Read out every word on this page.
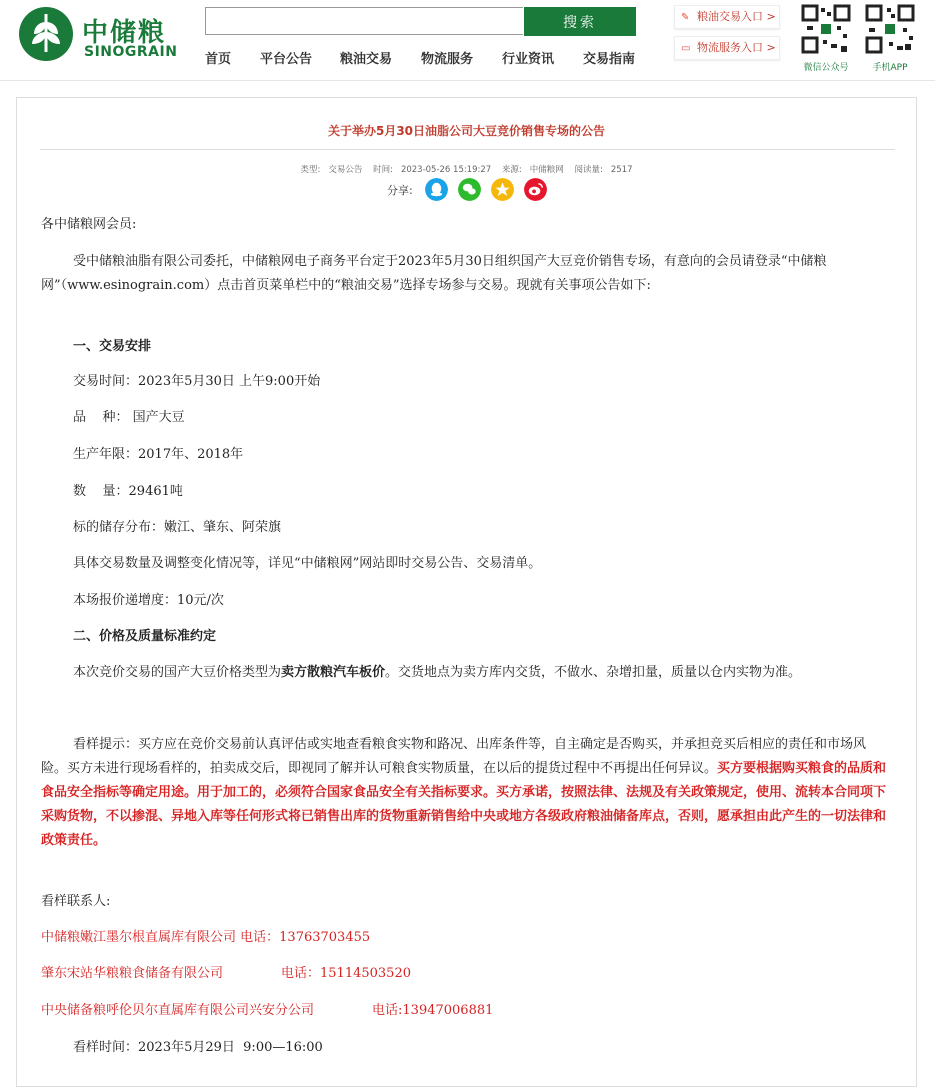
中储粮
SINOGRAIN
搜索
首页 平台公告 粮油交易 物流服务 行业资讯 交易指南
✎ 粮油交易入口 >
▭ 物流服务入口 >
微信公众号	手机APP
关于举办5月30日油脂公司大豆竞价销售专场的公告
类型: 交易公告 时间: 2023-05-26 15:19:27 来源: 中储粮网 阅读量: 2517
分享:
各中储粮网会员:
受中储粮油脂有限公司委托，中储粮网电子商务平台定于2023年5月30日组织国产大豆竞价销售专场，有意向的会员请登录“中储粮网”（www.esinograin.com）点击首页菜单栏中的“粮油交易”选择专场参与交易。现就有关事项公告如下:
一、交易安排
交易时间：2023年5月30日 上午9:00开始
品    种： 国产大豆
生产年限：2017年、2018年
数    量：29461吨
标的储存分布：嫩江、肇东、阿荣旗
具体交易数量及调整变化情况等，详见“中储粮网”网站即时交易公告、交易清单。
本场报价递增度：10元/次
二、价格及质量标准约定
本次竞价交易的国产大豆价格类型为卖方散粮汽车板价。交货地点为卖方库内交货，不做水、杂增扣量，质量以仓内实物为准。
看样提示：买方应在竞价交易前认真评估或实地查看粮食实物和路况、出库条件等，自主确定是否购买，并承担竞买后相应的责任和市场风险。买方未进行现场看样的，拍卖成交后，即视同了解并认可粮食实物质量，在以后的提货过程中不再提出任何异议。买方要根据购买粮食的品质和食品安全指标等确定用途。用于加工的，必须符合国家食品安全有关指标要求。买方承诺，按照法律、法规及有关政策规定，使用、流转本合同项下采购货物，不以掺混、异地入库等任何形式将已销售出库的货物重新销售给中央或地方各级政府粮油储备库点，否则，愿承担由此产生的一切法律和政策责任。
看样联系人:
中储粮嫩江墨尔根直属库有限公司 电话：13763703455
肇东宋站华粮粮食储备有限公司	电话：15114503520
中央储备粮呼伦贝尔直属库有限公司兴安分公司	电话:13947006881
看样时间：2023年5月29日  9:00—16:00
